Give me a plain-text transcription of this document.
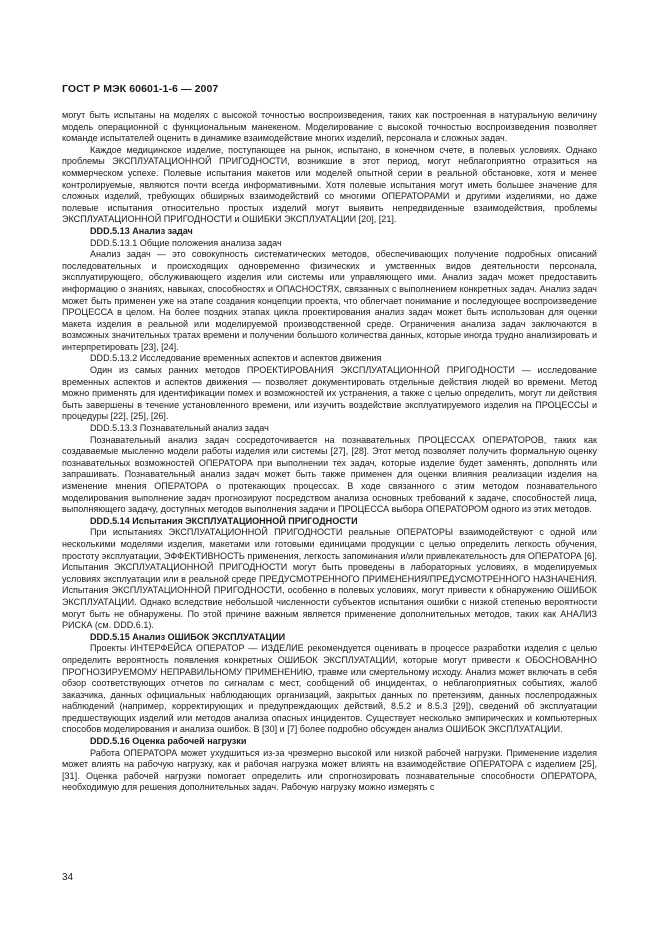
ГОСТ Р МЭК 60601-1-6 — 2007

могут быть испытаны на моделях с высокой точностью воспроизведения, таких как построенная в натуральную величину модель операционной с функциональным манекеном. Моделирование с высокой точностью воспроизведения позволяет команде испытателей оценить в динамике взаимодействие многих изделий, персонала и сложных задач.

Каждое медицинское изделие, поступающее на рынок, испытано, в конечном счете, в полевых условиях. Однако проблемы ЭКСПЛУАТАЦИОННОЙ ПРИГОДНОСТИ, возникшие в этот период, могут неблагоприятно отразиться на коммерческом успехе. Полевые испытания макетов или моделей опытной серии в реальной обстановке, хотя и менее контролируемые, являются почти всегда информативными. Хотя полевые испытания могут иметь большее значение для сложных изделий, требующих обширных взаимодействий со многими ОПЕРАТОРАМИ и другими изделиями, но даже полевые испытания относительно простых изделий могут выявить непредвиденные взаимодействия, проблемы ЭКСПЛУАТАЦИОННОЙ ПРИГОДНОСТИ и ОШИБКИ ЭКСПЛУАТАЦИИ [20], [21].

DDD.5.13 Анализ задач

DDD.5.13.1 Общие положения анализа задач

Анализ задач — это совокупность систематических методов, обеспечивающих получение подробных описаний последовательных и происходящих одновременно физических и умственных видов деятельности персонала, эксплуатирующего, обслуживающего изделия или системы или управляющего ими. Анализ задач может предоставить информацию о знаниях, навыках, способностях и ОПАСНОСТЯХ, связанных с выполнением конкретных задач. Анализ задач может быть применен уже на этапе создания концепции проекта, что облегчает понимание и последующее воспроизведение ПРОЦЕССА в целом. На более поздних этапах цикла проектирования анализ задач может быть использован для оценки макета изделия в реальной или моделируемой производственной среде. Ограничения анализа задач заключаются в возможных значительных тратах времени и получении большого количества данных, которые иногда трудно анализировать и интерпретировать [23], [24].

DDD.5.13.2 Исследование временных аспектов и аспектов движения

Один из самых ранних методов ПРОЕКТИРОВАНИЯ ЭКСПЛУАТАЦИОННОЙ ПРИГОДНОСТИ — исследование временных аспектов и аспектов движения — позволяет документировать отдельные действия людей во времени. Метод можно применять для идентификации помех и возможностей их устранения, а также с целью определить, могут ли действия быть завершены в течение установленного времени, или изучить воздействие эксплуатируемого изделия на ПРОЦЕССЫ и процедуры [22], [25], [26].

DDD.5.13.3 Познавательный анализ задач

Познавательный анализ задач сосредоточивается на познавательных ПРОЦЕССАХ ОПЕРАТОРОВ, таких как создаваемые мысленно модели работы изделия или системы [27], [28]. Этот метод позволяет получить формальную оценку познавательных возможностей ОПЕРАТОРА при выполнении тех задач, которые изделие будет заменять, дополнять или запрашивать. Познавательный анализ задач может быть также применен для оценки влияния реализации изделия на изменение мнения ОПЕРАТОРА о протекающих процессах. В ходе связанного с этим методом познавательного моделирования выполнение задач прогнозируют посредством анализа основных требований к задаче, способностей лица, выполняющего задачу, доступных методов выполнения задачи и ПРОЦЕССА выбора ОПЕРАТОРОМ одного из этих методов.

DDD.5.14 Испытания ЭКСПЛУАТАЦИОННОЙ ПРИГОДНОСТИ

При испытаниях ЭКСПЛУАТАЦИОННОЙ ПРИГОДНОСТИ реальные ОПЕРАТОРЫ взаимодействуют с одной или несколькими моделями изделия, макетами или готовыми единицами продукции с целью определить легкость обучения, простоту эксплуатации, ЭФФЕКТИВНОСТЬ применения, легкость запоминания и/или привлекательность для ОПЕРАТОРА [6]. Испытания ЭКСПЛУАТАЦИОННОЙ ПРИГОДНОСТИ могут быть проведены в лабораторных условиях, в моделируемых условиях эксплуатации или в реальной среде ПРЕДУСМОТРЕННОГО ПРИМЕНЕНИЯ/ПРЕДУСМОТРЕННОГО НАЗНАЧЕНИЯ. Испытания ЭКСПЛУАТАЦИОННОЙ ПРИГОДНОСТИ, особенно в полевых условиях, могут привести к обнаружению ОШИБОК ЭКСПЛУАТАЦИИ. Однако вследствие небольшой численности субъектов испытания ошибки с низкой степенью вероятности могут быть не обнаружены. По этой причине важным является применение дополнительных методов, таких как АНАЛИЗ РИСКА (см. DDD.6.1).

DDD.5.15 Анализ ОШИБОК ЭКСПЛУАТАЦИИ

Проекты ИНТЕРФЕЙСА ОПЕРАТОР — ИЗДЕЛИЕ рекомендуется оценивать в процессе разработки изделия с целью определить вероятность появления конкретных ОШИБОК ЭКСПЛУАТАЦИИ, которые могут привести к ОБОСНОВАННО ПРОГНОЗИРУЕМОМУ НЕПРАВИЛЬНОМУ ПРИМЕНЕНИЮ, травме или смертельному исходу. Анализ может включать в себя обзор соответствующих отчетов по сигналам с мест, сообщений об инцидентах, о неблагоприятных событиях, жалоб заказчика, данных официальных наблюдающих организаций, закрытых данных по претензиям, данных послепродажных наблюдений (например, корректирующих и предупреждающих действий, 8.5.2 и 8.5.3 [29]), сведений об эксплуатации предшествующих изделий или методов анализа опасных инцидентов. Существует несколько эмпирических и компьютерных способов моделирования и анализа ошибок. В [30] и [7] более подробно обсужден анализ ОШИБОК ЭКСПЛУАТАЦИИ.

DDD.5.16 Оценка рабочей нагрузки

Работа ОПЕРАТОРА может ухудшиться из-за чрезмерно высокой или низкой рабочей нагрузки. Применение изделия может влиять на рабочую нагрузку, как и рабочая нагрузка может влиять на взаимодействие ОПЕРАТОРА с изделием [25], [31]. Оценка рабочей нагрузки помогает определить или спрогнозировать познавательные способности ОПЕРАТОРА, необходимую для решения дополнительных задач. Рабочую нагрузку можно измерять с

34
